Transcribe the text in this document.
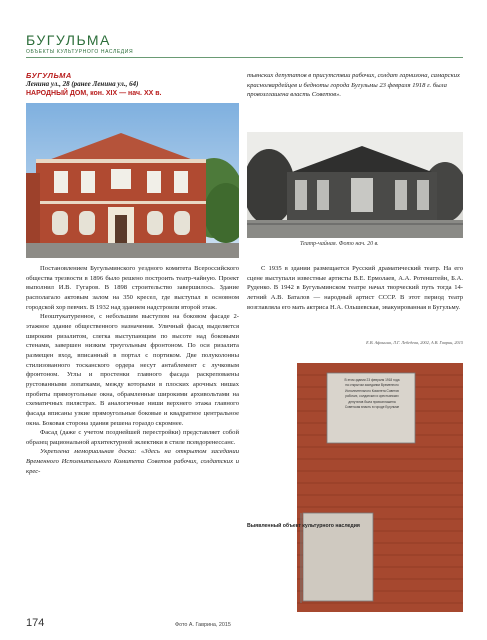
БУГУЛЬМА
ОБЪЕКТЫ КУЛЬТУРНОГО НАСЛЕДИЯ
БУГУЛЬМА
Ленина ул., 28 (ранее Ленина ул., 64)
НАРОДНЫЙ ДОМ, кон. XIX — нач. XX в.
тьянских депутатов в присутствии рабочих, солдат гарнизона, самарских красногвардейцев и бедноты города Бугульмы 23 февраля 1918 г. была провозглашена власть Советов».
Театр-чайная. Фото нач. 20 в.

Постановлением Бугульминского уездного комитета Всероссийского общества трезвости в 1896 было решено построить театр-чайную. Проект выполнил И.В. Гугаров. В 1898 строительство завершилось. Здание располагало актовым залом на 350 кресел, где выступал в основном городской хор певчих. В 1932 над зданием надстроили второй этаж.

Неоштукатуренное, с небольшим выступом на боковом фасаде 2-этажное здание общественного назначения. Уличный фасад выделяется широким ризалитом, слегка выступающим по высоте над боковыми стенами, завершен низким треугольным фронтоном. По оси ризалита размещен вход, вписанный в портал с портиком. Две полуколонны стилизованного тосканского ордера несут антаблемент с лучковым фронтоном. Углы и простенки главного фасада раскреповаены рустованными лопатками, между которыми в плоских арочных нишах пробиты прямоугольные окна, обрамленные широкими архивольтами на схематичных пилястрах. В аналогичные ниши верхнего этажа главного фасада вписаны узкие прямоугольные боковые и квадратное центральное окна. Боковая сторона здания решена гораздо скромнее.

Фасад (даже с учетом позднейшей перестройки) представляет собой образец рациональной архитектурной эклектики в стиле псевдоренессанс.

Укреплена мемориальная доска: «Здесь на открытом заседании Временного Исполнительного Комитета Советов рабочих, солдатских и крес-

С 1935 в здании размещается Русский драматический театр. На его сцене выступали известные артисты В.Е. Ермолаев, А.А. Ротенштейн, Б.А. Руденко. В 1942 в Бугульминском театре начал творческий путь тогда 14-летний А.В. Баталов — народный артист СССР. В этот период театр возглавляла его мать актриса Н.А. Ольшевская, эвакуированная в Бугульму.

Е.В. Афонина, Л.Г. Лебедева, 2002, А.В. Гаврин, 2015
В этом здании 23 февраля 1918 года
на открытом заседании Временного
Исполнительного Комитета Советов
рабочих, солдатских и крестьянских
депутатов была провозглашена
Советская власть в городе Бугульме
Выявленный объект культурного наследия
174	Фото А. Гаврина, 2015
